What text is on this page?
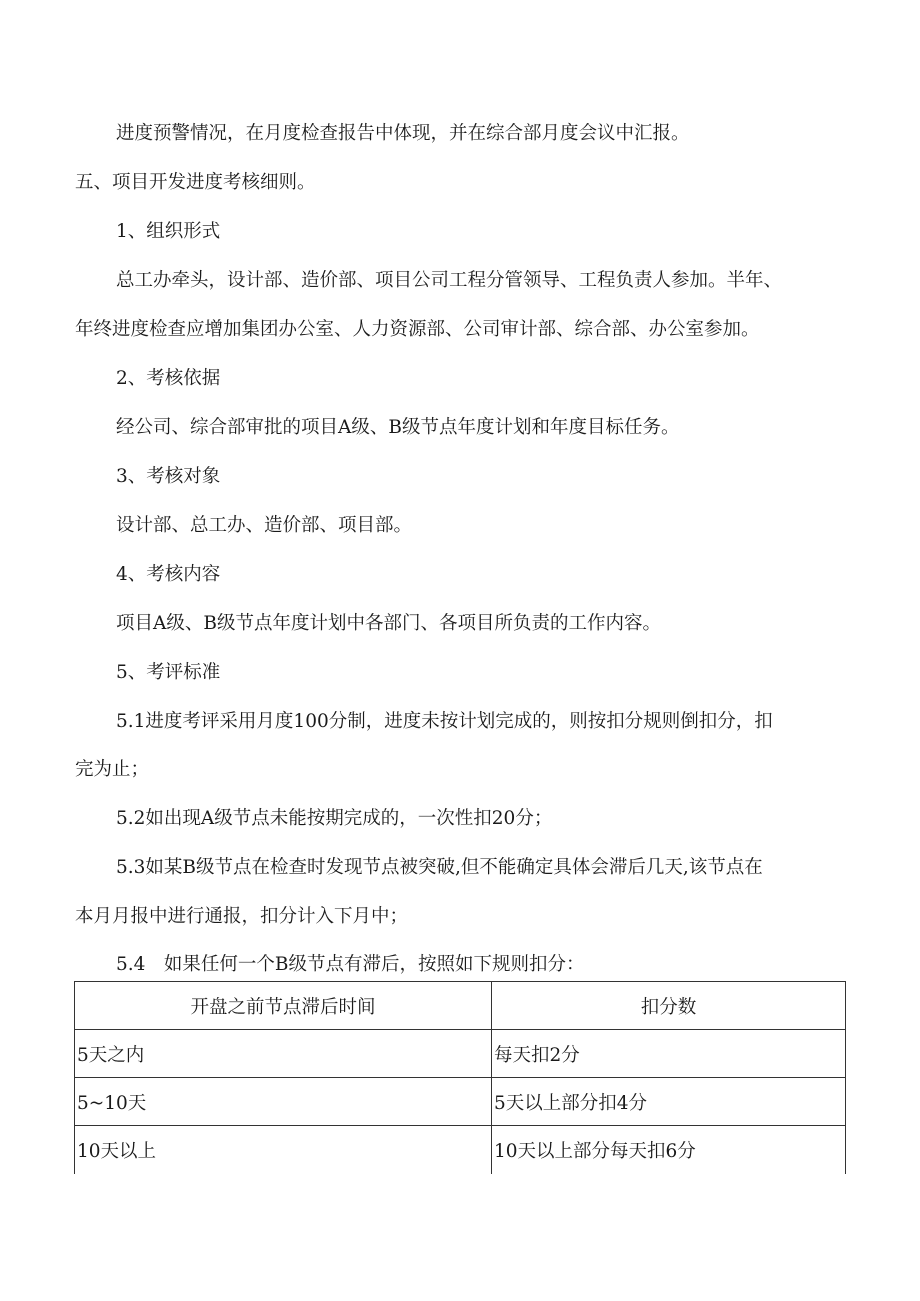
进度预警情况，在月度检查报告中体现，并在综合部月度会议中汇报。

五、项目开发进度考核细则。

1、组织形式

总工办牵头，设计部、造价部、项目公司工程分管领导、工程负责人参加。半年、

年终进度检查应增加集团办公室、人力资源部、公司审计部、综合部、办公室参加。

2、考核依据

经公司、综合部审批的项目A级、B级节点年度计划和年度目标任务。

3、考核对象

设计部、总工办、造价部、项目部。

4、考核内容

项目A级、B级节点年度计划中各部门、各项目所负责的工作内容。

5、考评标准

5.1进度考评采用月度100分制，进度未按计划完成的，则按扣分规则倒扣分，扣

完为止；

5.2如出现A级节点未能按期完成的，一次性扣20分；

5.3如某B级节点在检查时发现节点被突破,但不能确定具体会滞后几天,该节点在

本月月报中进行通报，扣分计入下月中；

5.4　如果任何一个B级节点有滞后，按照如下规则扣分：

开盘之前节点滞后时间	扣分数
5天之内	每天扣2分
5~10天	5天以上部分扣4分
10天以上	10天以上部分每天扣6分
